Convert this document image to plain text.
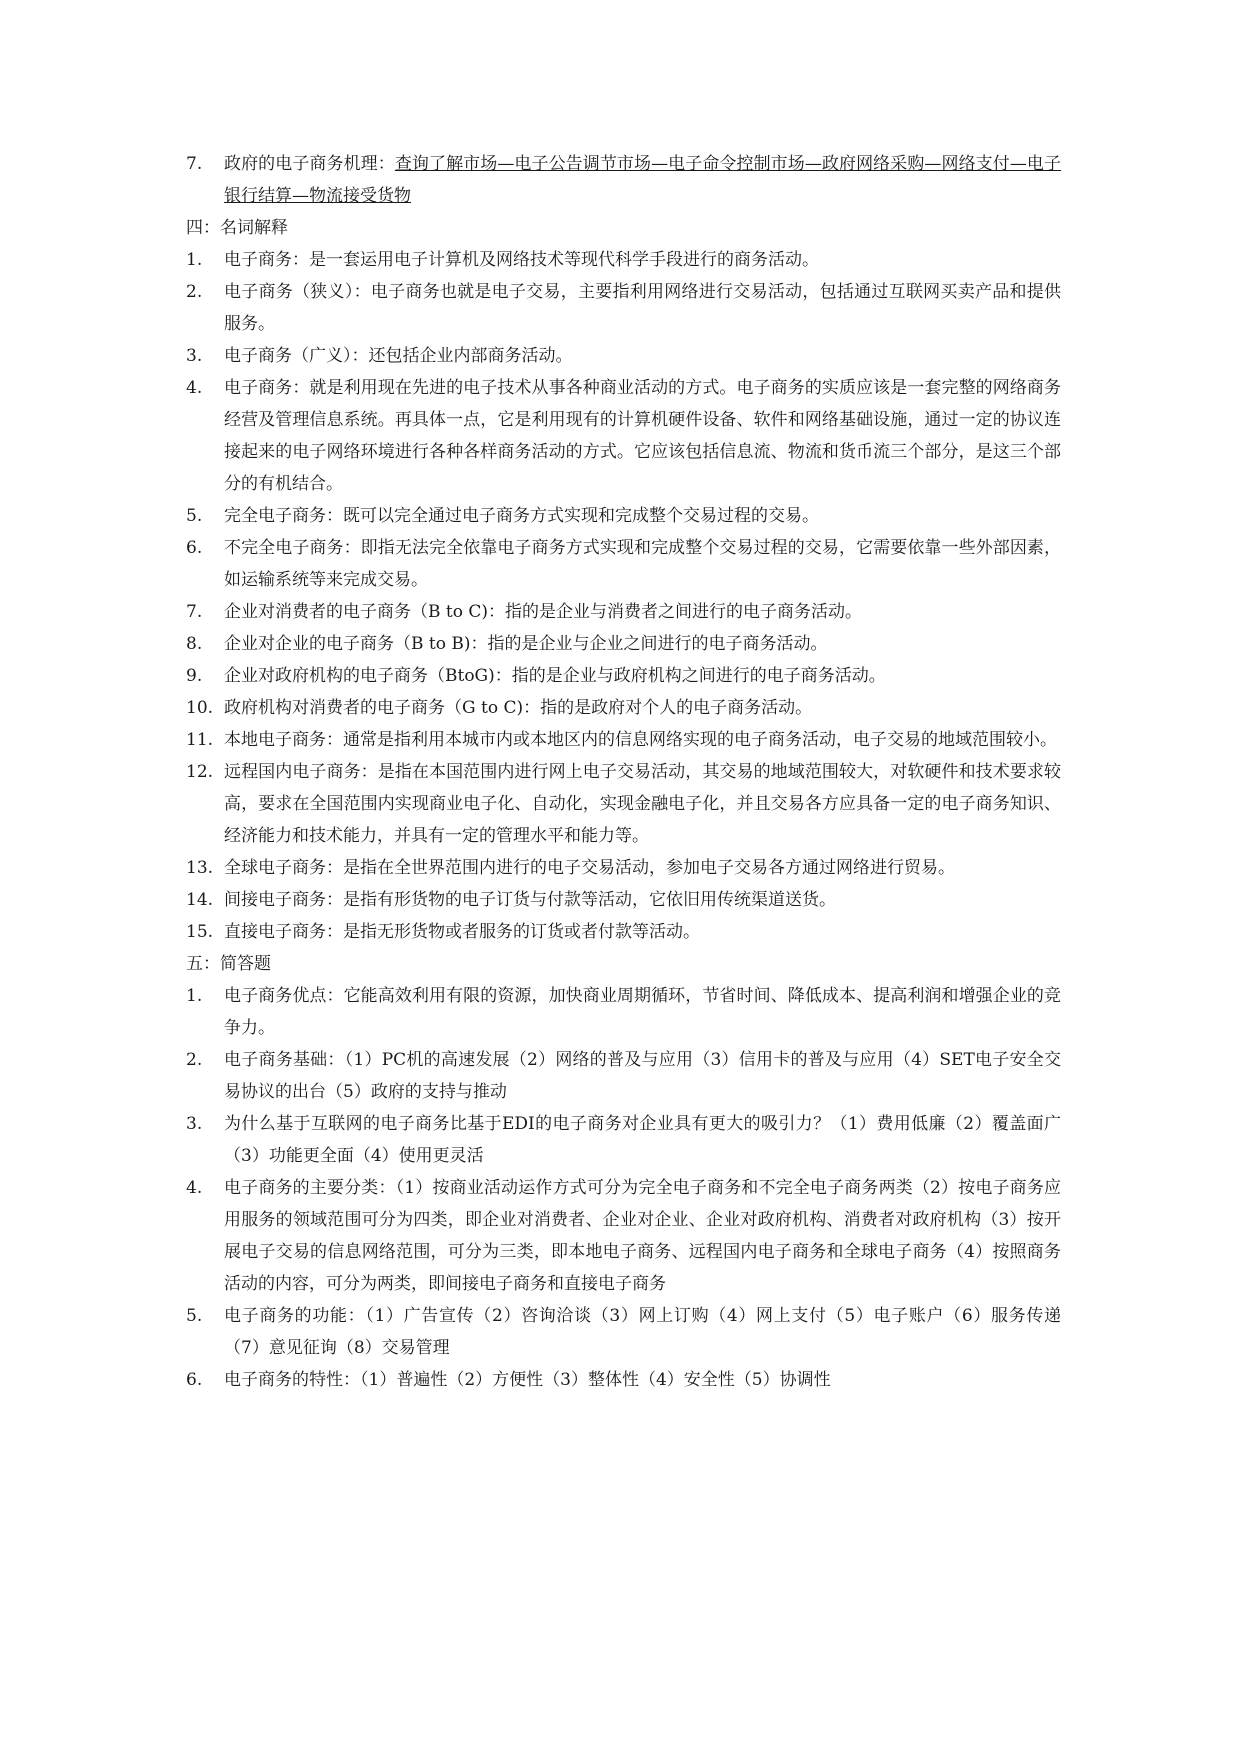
7.	政府的电子商务机理：查询了解市场—电子公告调节市场—电子命令控制市场—政府网络采购—网络支付—电子银行结算—物流接受货物
四：名词解释
1.	电子商务：是一套运用电子计算机及网络技术等现代科学手段进行的商务活动。
2.	电子商务（狭义）：电子商务也就是电子交易，主要指利用网络进行交易活动，包括通过互联网买卖产品和提供服务。
3.	电子商务（广义）：还包括企业内部商务活动。
4.	电子商务：就是利用现在先进的电子技术从事各种商业活动的方式。电子商务的实质应该是一套完整的网络商务经营及管理信息系统。再具体一点，它是利用现有的计算机硬件设备、软件和网络基础设施，通过一定的协议连接起来的电子网络环境进行各种各样商务活动的方式。它应该包括信息流、物流和货币流三个部分，是这三个部分的有机结合。
5.	完全电子商务：既可以完全通过电子商务方式实现和完成整个交易过程的交易。
6.	不完全电子商务：即指无法完全依靠电子商务方式实现和完成整个交易过程的交易，它需要依靠一些外部因素，如运输系统等来完成交易。
7.	企业对消费者的电子商务（B to C)：指的是企业与消费者之间进行的电子商务活动。
8.	企业对企业的电子商务（B to B)：指的是企业与企业之间进行的电子商务活动。
9.	企业对政府机构的电子商务（BtoG)：指的是企业与政府机构之间进行的电子商务活动。
10. 政府机构对消费者的电子商务（G to C)：指的是政府对个人的电子商务活动。
11. 本地电子商务：通常是指利用本城市内或本地区内的信息网络实现的电子商务活动，电子交易的地域范围较小。
12. 远程国内电子商务：是指在本国范围内进行网上电子交易活动，其交易的地域范围较大，对软硬件和技术要求较高，要求在全国范围内实现商业电子化、自动化，实现金融电子化，并且交易各方应具备一定的电子商务知识、经济能力和技术能力，并具有一定的管理水平和能力等。
13. 全球电子商务：是指在全世界范围内进行的电子交易活动，参加电子交易各方通过网络进行贸易。
14. 间接电子商务：是指有形货物的电子订货与付款等活动，它依旧用传统渠道送货。
15. 直接电子商务：是指无形货物或者服务的订货或者付款等活动。
五：简答题
1.	电子商务优点：它能高效利用有限的资源，加快商业周期循环，节省时间、降低成本、提高利润和增强企业的竞争力。
2.	电子商务基础：（1）PC机的高速发展（2）网络的普及与应用（3）信用卡的普及与应用（4）SET电子安全交易协议的出台（5）政府的支持与推动
3.	为什么基于互联网的电子商务比基于EDI的电子商务对企业具有更大的吸引力？（1）费用低廉（2）覆盖面广（3）功能更全面（4）使用更灵活
4.	电子商务的主要分类：（1）按商业活动运作方式可分为完全电子商务和不完全电子商务两类（2）按电子商务应用服务的领域范围可分为四类，即企业对消费者、企业对企业、企业对政府机构、消费者对政府机构（3）按开展电子交易的信息网络范围，可分为三类，即本地电子商务、远程国内电子商务和全球电子商务（4）按照商务活动的内容，可分为两类，即间接电子商务和直接电子商务
5.	电子商务的功能：（1）广告宣传（2）咨询洽谈（3）网上订购（4）网上支付（5）电子账户（6）服务传递（7）意见征询（8）交易管理
6.	电子商务的特性：（1）普遍性（2）方便性（3）整体性（4）安全性（5）协调性
